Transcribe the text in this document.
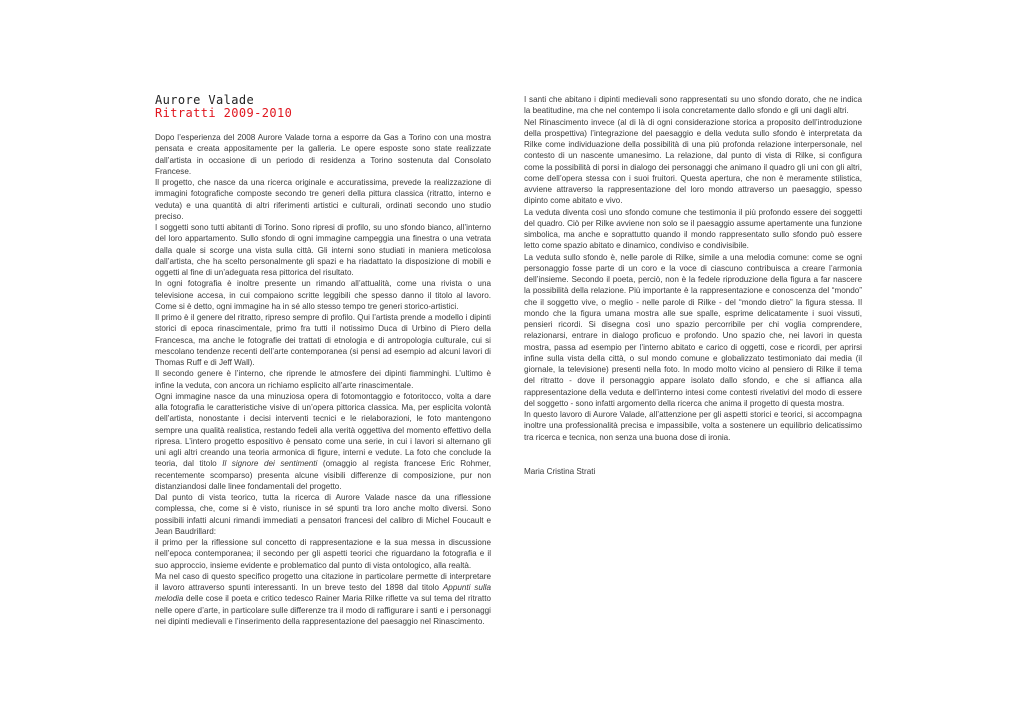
Aurore Valade
Ritratti 2009-2010

Dopo l’esperienza del 2008 Aurore Valade torna a esporre da Gas a Torino con una mostra pensata e creata appositamente per la galleria. Le opere esposte sono state realizzate dall’artista in occasione di un periodo di residenza a Torino sostenuta dal Consolato Francese.

Il progetto, che nasce da una ricerca originale e accuratissima, prevede la realizzazione di immagini fotografiche composte secondo tre generi della pittura classica (ritratto, interno e veduta) e una quantità di altri riferimenti artistici e culturali, ordinati secondo uno studio preciso.

I soggetti sono tutti abitanti di Torino. Sono ripresi di profilo, su uno sfondo bianco, all’interno del loro appartamento. Sullo sfondo di ogni immagine campeggia una finestra o una vetrata dalla quale si scorge una vista sulla città. Gli interni sono studiati in maniera meticolosa dall’artista, che ha scelto personalmente gli spazi e ha riadattato la disposizione di mobili e oggetti al fine di un’adeguata resa pittorica del risultato.

In ogni fotografia è inoltre presente un rimando all’attualità, come una rivista o una televisione accesa, in cui compaiono scritte leggibili che spesso danno il titolo al lavoro. Come si è detto, ogni immagine ha in sé allo stesso tempo tre generi storico-artistici.

Il primo è il genere del ritratto, ripreso sempre di profilo. Qui l’artista prende a modello i dipinti storici di epoca rinascimentale, primo fra tutti il notissimo Duca di Urbino di Piero della Francesca, ma anche le fotografie dei trattati di etnologia e di antropologia culturale, cui si mescolano tendenze recenti dell’arte contemporanea (si pensi ad esempio ad alcuni lavori di Thomas Ruff e di Jeff Wall).

Il secondo genere è l’interno, che riprende le atmosfere dei dipinti fiamminghi. L’ultimo è infine la veduta, con ancora un richiamo esplicito all’arte rinascimentale.

Ogni immagine nasce da una minuziosa opera di fotomontaggio e fotoritocco, volta a dare alla fotografia le caratteristiche visive di un’opera pittorica classica. Ma, per esplicita volontà dell’artista, nonostante i decisi interventi tecnici e le rielaborazioni, le foto mantengono sempre una qualità realistica, restando fedeli alla verità oggettiva del momento effettivo della ripresa. L’intero progetto espositivo è pensato come una serie, in cui i lavori si alternano gli uni agli altri creando una teoria armonica di figure, interni e vedute. La foto che conclude la teoria, dal titolo Il signore dei sentimenti (omaggio al regista francese Eric Rohmer, recentemente scomparso) presenta alcune visibili differenze di composizione, pur non distanziandosi dalle linee fondamentali del progetto.

Dal punto di vista teorico, tutta la ricerca di Aurore Valade nasce da una riflessione complessa, che, come si è visto, riunisce in sé spunti tra loro anche molto diversi. Sono possibili infatti alcuni rimandi immediati a pensatori francesi del calibro di Michel Foucault e Jean Baudrillard:

il primo per la riflessione sul concetto di rappresentazione e la sua messa in discussione nell’epoca contemporanea; il secondo per gli aspetti teorici che riguardano la fotografia e il suo approccio, insieme evidente e problematico dal punto di vista ontologico, alla realtà.

Ma nel caso di questo specifico progetto una citazione in particolare permette di interpretare il lavoro attraverso spunti interessanti. In un breve testo del 1898 dal titolo Appunti sulla melodia delle cose il poeta e critico tedesco Rainer Maria Rilke riflette va sul tema del ritratto nelle opere d’arte, in particolare sulle differenze tra il modo di raffigurare i santi e i personaggi nei dipinti medievali e l’inserimento della rappresentazione del paesaggio nel Rinascimento.

I santi che abitano i dipinti medievali sono rappresentati su uno sfondo dorato, che ne indica la beatitudine, ma che nel contempo li isola concretamente dallo sfondo e gli uni dagli altri.

Nel Rinascimento invece (al di là di ogni considerazione storica a proposito dell’introduzione della prospettiva) l’integrazione del paesaggio e della veduta sullo sfondo è interpretata da Rilke come individuazione della possibilità di una più profonda relazione interpersonale, nel contesto di un nascente umanesimo. La relazione, dal punto di vista di Rilke, si configura come la possibilità di porsi in dialogo dei personaggi che animano il quadro gli uni con gli altri, come dell’opera stessa con i suoi fruitori. Questa apertura, che non è meramente stilistica, avviene attraverso la rappresentazione del loro mondo attraverso un paesaggio, spesso dipinto come abitato e vivo.

La veduta diventa così uno sfondo comune che testimonia il più profondo essere dei soggetti del quadro. Ciò per Rilke avviene non solo se il paesaggio assume apertamente una funzione simbolica, ma anche e soprattutto quando il mondo rappresentato sullo sfondo può essere letto come spazio abitato e dinamico, condiviso e condivisibile.

La veduta sullo sfondo è, nelle parole di Rilke, simile a una melodia comune: come se ogni personaggio fosse parte di un coro e la voce di ciascuno contribuisca a creare l’armonia dell’insieme. Secondo il poeta, perciò, non è la fedele riproduzione della figura a far nascere la possibilità della relazione. Più importante è la rappresentazione e conoscenza del “mondo” che il soggetto vive, o meglio - nelle parole di Rilke - del “mondo dietro” la figura stessa. Il mondo che la figura umana mostra alle sue spalle, esprime delicatamente i suoi vissuti, pensieri ricordi. Si disegna così uno spazio percorribile per chi voglia comprendere, relazionarsi, entrare in dialogo proficuo e profondo. Uno spazio che, nei lavori in questa mostra, passa ad esempio per l’interno abitato e carico di oggetti, cose e ricordi, per aprirsi infine sulla vista della città, o sul mondo comune e globalizzato testimoniato dai media (il giornale, la televisione) presenti nella foto. In modo molto vicino al pensiero di Rilke il tema del ritratto - dove il personaggio appare isolato dallo sfondo, e che si affianca alla rappresentazione della veduta e dell’interno intesi come contesti rivelativi del modo di essere del soggetto - sono infatti argomento della ricerca che anima il progetto di questa mostra.

In questo lavoro di Aurore Valade, all’attenzione per gli aspetti storici e teorici, si accompagna inoltre una professionalità precisa e impassibile, volta a sostenere un equilibrio delicatissimo tra ricerca e tecnica, non senza una buona dose di ironia.

Maria Cristina Strati
